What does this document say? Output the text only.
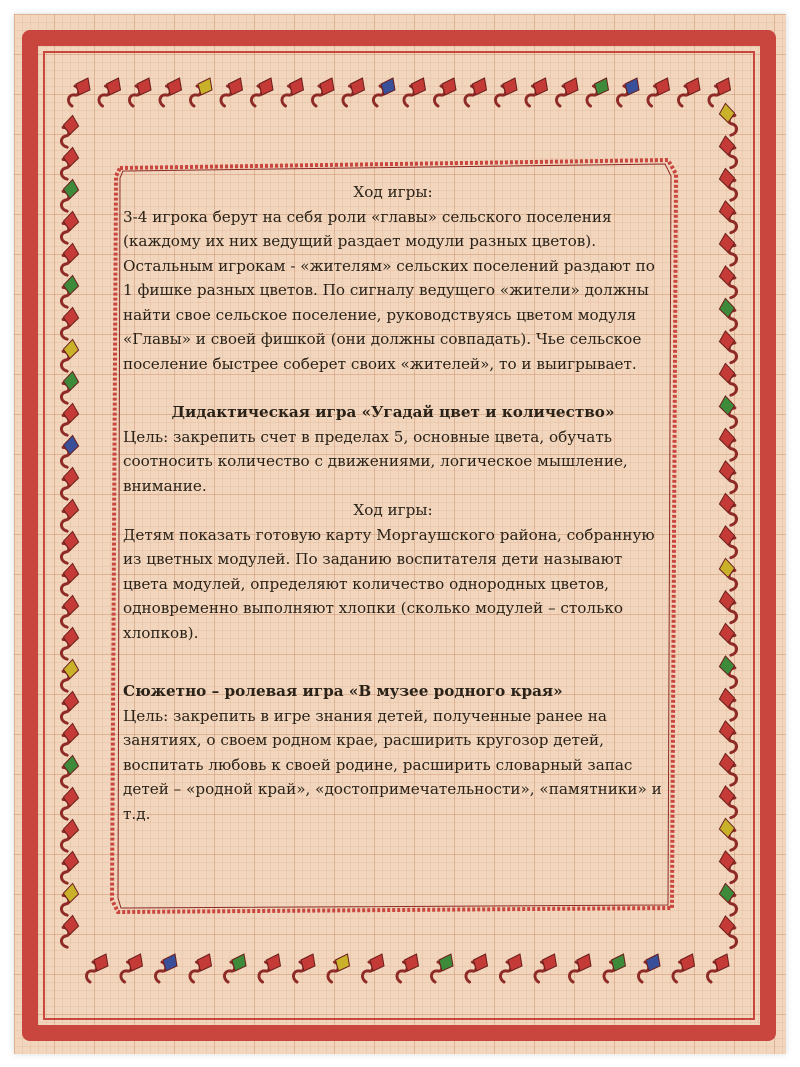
Ход игры:

3-4 игрока берут на себя роли «главы» сельского поселения (каждому их них ведущий раздает модули разных цветов). Остальным игрокам - «жителям» сельских поселений раздают по 1 фишке разных цветов. По сигналу ведущего «жители» должны найти свое сельское поселение, руководствуясь цветом модуля «Главы» и своей фишкой (они должны совпадать). Чье сельское поселение быстрее соберет своих «жителей», то и выигрывает.

Дидактическая игра «Угадай цвет и количество»

Цель: закрепить счет в пределах 5, основные цвета, обучать соотносить количество с движениями, логическое мышление, внимание.

Ход игры:

Детям показать готовую карту Моргаушского района, собранную из цветных модулей. По заданию воспитателя дети называют цвета модулей, определяют количество однородных цветов, одновременно выполняют хлопки (сколько модулей – столько хлопков).

Сюжетно – ролевая игра «В музее родного края»

Цель: закрепить в игре знания детей, полученные ранее на занятиях, о своем родном крае, расширить кругозор детей, воспитать любовь к своей родине, расширить словарный запас детей – «родной край», «достопримечательности», «памятники» и т.д.
